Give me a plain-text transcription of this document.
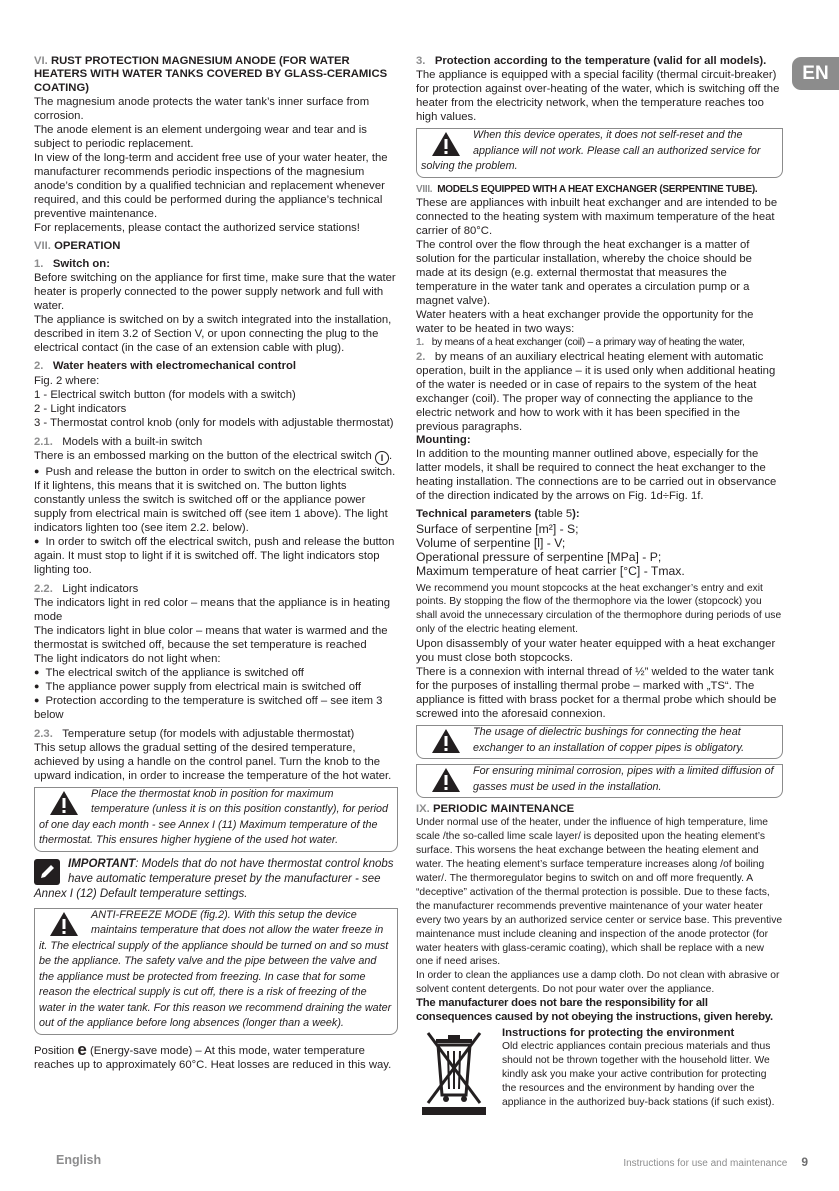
EN

VI. RUST PROTECTION MAGNESIUM ANODE (FOR WATER HEATERS WITH WATER TANKS COVERED BY GLASS-CERAMICS COATING)

The magnesium anode protects the water tank’s inner surface from corrosion.

The anode element is an element undergoing wear and tear and is subject to periodic replacement.

In view of the long-term and accident free use of your water heater, the manufacturer recommends periodic inspections of the magnesium anode’s condition by a qualified technician and replacement whenever required, and this could be performed during the appliance’s technical preventive maintenance.

For replacements, please contact the authorized service stations!

VII. OPERATION

1. Switch on:

Before switching on the appliance for first time, make sure that the water heater is properly connected to the power supply network and full with water.

The appliance is switched on by a switch integrated into the installation, described in item 3.2 of Section V, or upon connecting the plug to the electrical contact (in the case of an extension cable with plug).

2. Water heaters with electromechanical control

Fig. 2 where:

1 - Electrical switch button (for models with a switch)

2 - Light indicators

3 - Thermostat control knob (only for models with adjustable thermostat)

2.1. Models with a built-in switch

There is an embossed marking on the button of the electrical switch I .

● Push and release the button in order to switch on the electrical switch. If it lightens, this means that it is switched on. The button lights constantly unless the switch is switched off or the appliance power supply from electrical main is switched off (see item 1 above). The light indicators lighten too (see item 2.2. below).

● In order to switch off the electrical switch, push and release the button again. It must stop to light if it is switched off. The light indicators stop lighting too.

2.2. Light indicators

The indicators light in red color – means that the appliance is in heating mode

The indicators light in blue color – means that water is warmed and the thermostat is switched off, because the set temperature is reached

The light indicators do not light when:

● The electrical switch of the appliance is switched off

● The appliance power supply from electrical main is switched off

● Protection according to the temperature is switched off – see item 3 below

2.3. Temperature setup (for models with adjustable thermostat)

This setup allows the gradual setting of the desired temperature, achieved by using a handle on the control panel. Turn the knob to the upward indication, in order to increase the temperature of the hot water.

Place the thermostat knob in position for maximum temperature (unless it is on this position constantly), for period of one day each month - see Annex I (11) Maximum temperature of the thermostat. This ensures higher hygiene of the used hot water.
IMPORTANT: Models that do not have thermostat control knobs have automatic temperature preset by the manufacturer - see Annex I (12) Default temperature settings.
ANTI-FREEZE MODE (fig.2). With this setup the device maintains temperature that does not allow the water freeze in it. The electrical supply of the appliance should be turned on and so must be the appliance. The safety valve and the pipe between the valve and the appliance must be protected from freezing. In case that for some reason the electrical supply is cut off, there is a risk of freezing of the water in the water tank. For this reason we recommend draining the water out of the appliance before long absences (longer than a week).

Position e (Energy-save mode) – At this mode, water temperature reaches up to approximately 60°C. Heat losses are reduced in this way.

3. Protection according to the temperature (valid for all models).

The appliance is equipped with a special facility (thermal circuit-breaker) for protection against over-heating of the water, which is switching off the heater from the electricity network, when the temperature reaches too high values.

When this device operates, it does not self-reset and the appliance will not work. Please call an authorized service for solving the problem.

VIII. MODELS EQUIPPED WITH A HEAT EXCHANGER (SERPENTINE TUBE).

These are appliances with inbuilt heat exchanger and are intended to be connected to the heating system with maximum temperature of the heat carrier of 80°C.

The control over the flow through the heat exchanger is a matter of solution for the particular installation, whereby the choice should be made at its design (e.g. external thermostat that measures the temperature in the water tank and operates a circulation pump or a magnet valve).

Water heaters with a heat exchanger provide the opportunity for the water to be heated in two ways:

1. by means of a heat exchanger (coil) – a primary way of heating the water,

2. by means of an auxiliary electrical heating element with automatic operation, built in the appliance – it is used only when additional heating of the water is needed or in case of repairs to the system of the heat exchanger (coil). The proper way of connecting the appliance to the electric network and how to work with it has been specified in the previous paragraphs.

Mounting:

In addition to the mounting manner outlined above, especially for the latter models, it shall be required to connect the heat exchanger to the heating installation. The connections are to be carried out in observance of the direction indicated by the arrows on Fig. 1d÷Fig. 1f.

Technical parameters (table 5):

Surface of serpentine [m²] - S;

Volume of serpentine [l] - V;

Operational pressure of serpentine [MPa] - P;

Maximum temperature of heat carrier [°C] - Tmax.

We recommend you mount stopcocks at the heat exchanger’s entry and exit points. By stopping the flow of the thermophore via the lower (stopcock) you shall avoid the unnecessary circulation of the thermophore during periods of use only of the electric heating element.

Upon disassembly of your water heater equipped with a heat exchanger you must close both stopcocks.

There is a connexion with internal thread of ½” welded to the water tank for the purposes of installing thermal probe – marked with „TS“. The appliance is fitted with brass pocket for a thermal probe which should be screwed into the aforesaid connexion.

The usage of dielectric bushings for connecting the heat exchanger to an installation of copper pipes is obligatory.
For ensuring minimal corrosion, pipes with a limited diffusion of gasses must be used in the installation.

IX. PERIODIC MAINTENANCE

Under normal use of the heater, under the influence of high temperature, lime scale /the so-called lime scale layer/ is deposited upon the heating element’s surface. This worsens the heat exchange between the heating element and water. The heating element’s surface temperature increases along /of boiling water/. The thermoregulator begins to switch on and off more frequently. A “deceptive” activation of the thermal protection is possible. Due to these facts, the manufacturer recommends preventive maintenance of your water heater every two years by an authorized service center or service base. This preventive maintenance must include cleaning and inspection of the anode protector (for water heaters with glass-ceramic coating), which shall be replace with a new one if need arises.

In order to clean the appliances use a damp cloth. Do not clean with abrasive or solvent content detergents. Do not pour water over the appliance.

The manufacturer does not bare the responsibility for all consequences caused by not obeying the instructions, given hereby.

Instructions for protecting the environment

Old electric appliances contain precious materials and thus should not be thrown together with the household litter. We kindly ask you make your active contribution for protecting the resources and the environment by handing over the appliance in the authorized buy-back stations (if such exist).

English	Instructions for use and maintenance 9
